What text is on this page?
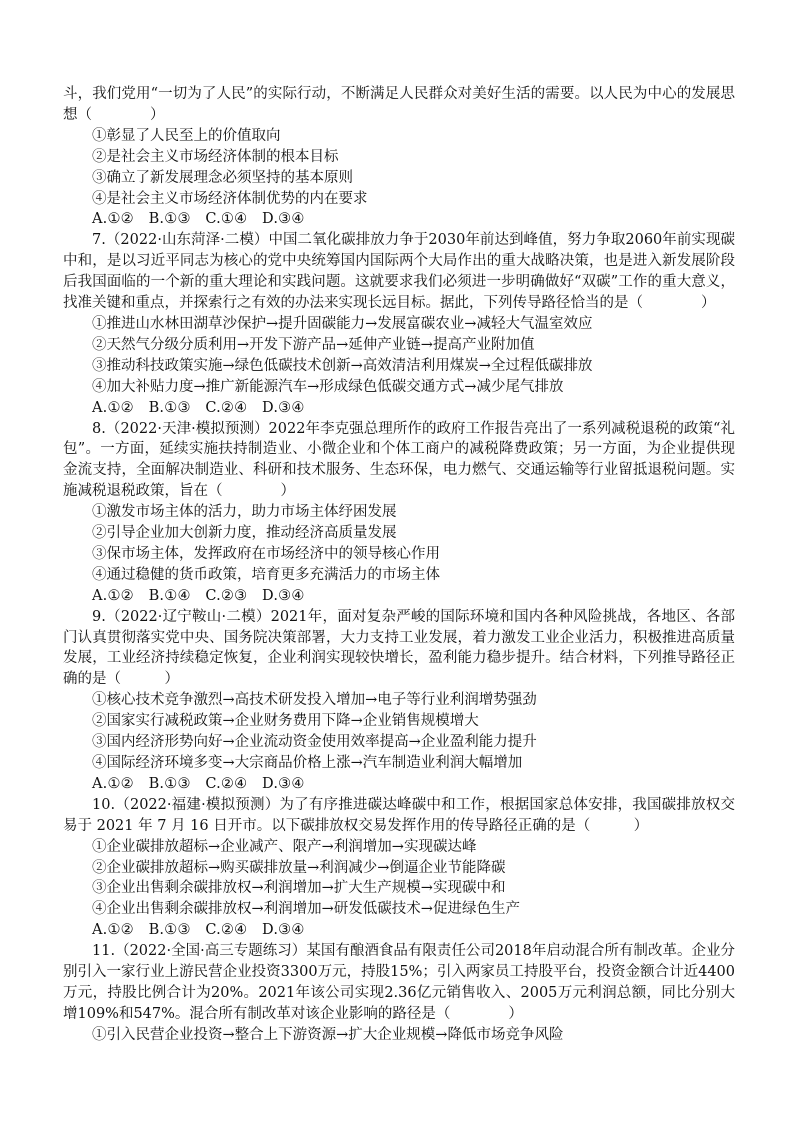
斗，我们党用“一切为了人民”的实际行动，不断满足人民群众对美好生活的需要。以人民为中心的发展思想（　　　　）

①彰显了人民至上的价值取向

②是社会主义市场经济体制的根本目标

③确立了新发展理念必须坚持的基本原则

④是社会主义市场经济体制优势的内在要求

A.①②　B.①③　C.①④　D.③④

7.（2022·山东菏泽·二模）中国二氧化碳排放力争于2030年前达到峰值，努力争取2060年前实现碳中和，是以习近平同志为核心的党中央统筹国内国际两个大局作出的重大战略决策，也是进入新发展阶段后我国面临的一个新的重大理论和实践问题。这就要求我们必须进一步明确做好“双碳”工作的重大意义，找准关键和重点，并探索行之有效的办法来实现长远目标。据此，下列传导路径恰当的是（　　　　）

①推进山水林田湖草沙保护→提升固碳能力→发展富碳农业→减轻大气温室效应

②天然气分级分质利用→开发下游产品→延伸产业链→提高产业附加值

③推动科技政策实施→绿色低碳技术创新→高效清洁利用煤炭→全过程低碳排放

④加大补贴力度→推广新能源汽车→形成绿色低碳交通方式→减少尾气排放

A.①②　B.①③　C.②④　D.③④

8.（2022·天津·模拟预测）2022年李克强总理所作的政府工作报告亮出了一系列减税退税的政策“礼包”。一方面，延续实施扶持制造业、小微企业和个体工商户的减税降费政策；另一方面，为企业提供现金流支持，全面解决制造业、科研和技术服务、生态环保，电力燃气、交通运输等行业留抵退税问题。实施减税退税政策，旨在（　　　　）

①激发市场主体的活力，助力市场主体纾困发展

②引导企业加大创新力度，推动经济高质量发展

③保市场主体，发挥政府在市场经济中的领导核心作用

④通过稳健的货币政策，培育更多充满活力的市场主体

A.①②　B.①④　C.②③　D.③④

9.（2022·辽宁鞍山·二模）2021年，面对复杂严峻的国际环境和国内各种风险挑战，各地区、各部门认真贯彻落实党中央、国务院决策部署，大力支持工业发展，着力激发工业企业活力，积极推进高质量发展，工业经济持续稳定恢复，企业利润实现较快增长，盈利能力稳步提升。结合材料，下列推导路径正确的是（　　　）

①核心技术竞争激烈→高技术研发投入增加→电子等行业利润增势强劲

②国家实行减税政策→企业财务费用下降→企业销售规模增大

③国内经济形势向好→企业流动资金使用效率提高→企业盈利能力提升

④国际经济环境多变→大宗商品价格上涨→汽车制造业利润大幅增加

A.①②　B.①③　C.②④　D.③④

10.（2022·福建·模拟预测）为了有序推进碳达峰碳中和工作，根据国家总体安排，我国碳排放权交易于 2021 年 7 月 16 日开市。以下碳排放权交易发挥作用的传导路径正确的是（　　　）

①企业碳排放超标→企业减产、限产→利润增加→实现碳达峰

②企业碳排放超标→购买碳排放量→利润减少→倒逼企业节能降碳

③企业出售剩余碳排放权→利润增加→扩大生产规模→实现碳中和

④企业出售剩余碳排放权→利润增加→研发低碳技术→促进绿色生产

A.①②　B.①③　C.②④　D.③④

11.（2022·全国·高三专题练习）某国有酿酒食品有限责任公司2018年启动混合所有制改革。企业分别引入一家行业上游民营企业投资3300万元，持股15%；引入两家员工持股平台，投资金额合计近4400万元，持股比例合计为20%。2021年该公司实现2.36亿元销售收入、2005万元利润总额，同比分别大增109%和547%。混合所有制改革对该企业影响的路径是（　　　　）

①引入民营企业投资→整合上下游资源→扩大企业规模→降低市场竞争风险
